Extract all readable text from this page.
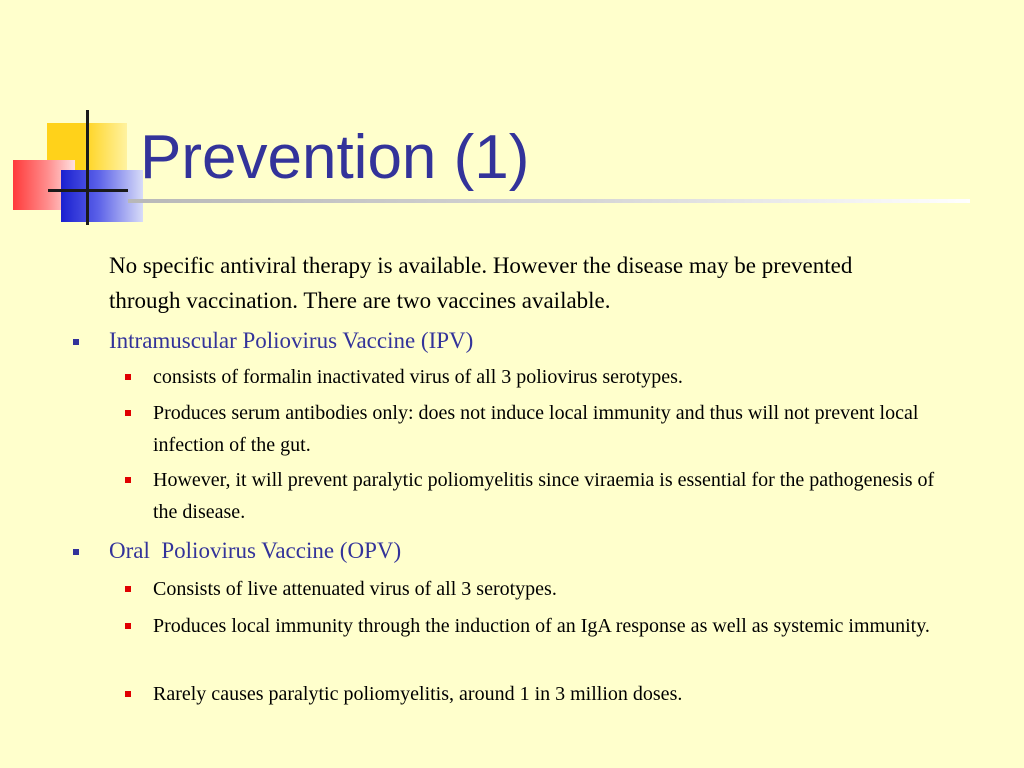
Prevention (1)
No specific antiviral therapy is available. However the disease may be prevented through vaccination. There are two vaccines available.
Intramuscular Poliovirus Vaccine (IPV)
consists of formalin inactivated virus of all 3 poliovirus serotypes.
Produces serum antibodies only: does not induce local immunity and thus will not prevent local infection of the gut.
However, it will prevent paralytic poliomyelitis since viraemia is essential for the pathogenesis of the disease.
Oral  Poliovirus Vaccine (OPV)
Consists of live attenuated virus of all 3 serotypes.
Produces local immunity through the induction of an IgA response as well as systemic immunity.
Rarely causes paralytic poliomyelitis, around 1 in 3 million doses.
